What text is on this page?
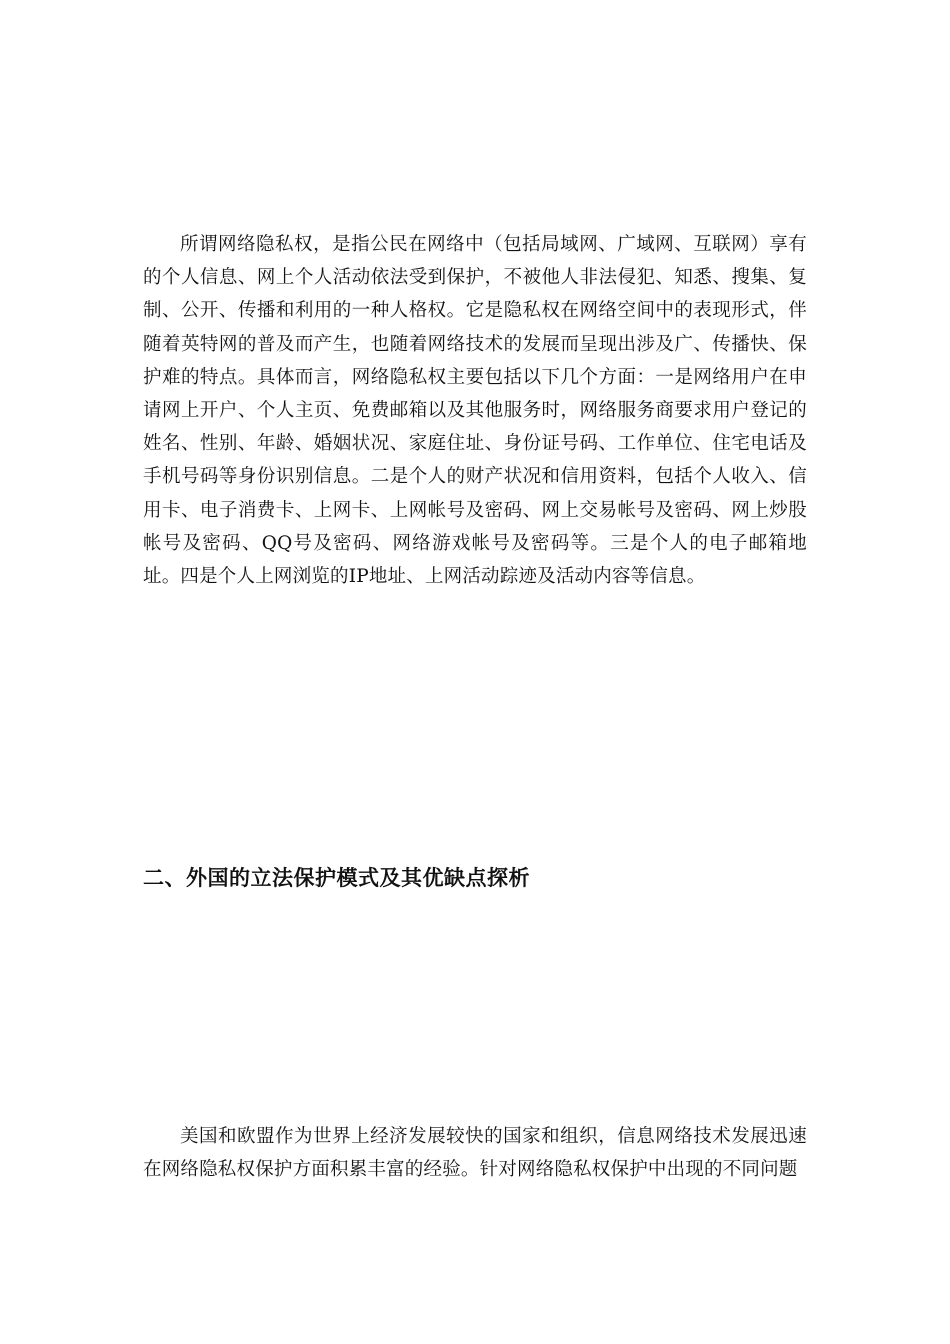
所谓网络隐私权，是指公民在网络中（包括局域网、广域网、互联网）享有的个人信息、网上个人活动依法受到保护，不被他人非法侵犯、知悉、搜集、复制、公开、传播和利用的一种人格权。它是隐私权在网络空间中的表现形式，伴随着英特网的普及而产生，也随着网络技术的发展而呈现出涉及广、传播快、保护难的特点。具体而言，网络隐私权主要包括以下几个方面：一是网络用户在申请网上开户、个人主页、免费邮箱以及其他服务时，网络服务商要求用户登记的姓名、性别、年龄、婚姻状况、家庭住址、身份证号码、工作单位、住宅电话及手机号码等身份识别信息。二是个人的财产状况和信用资料，包括个人收入、信用卡、电子消费卡、上网卡、上网帐号及密码、网上交易帐号及密码、网上炒股帐号及密码、QQ号及密码、网络游戏帐号及密码等。三是个人的电子邮箱地址。四是个人上网浏览的IP地址、上网活动踪迹及活动内容等信息。

二、外国的立法保护模式及其优缺点探析

美国和欧盟作为世界上经济发展较快的国家和组织，信息网络技术发展迅速在网络隐私权保护方面积累丰富的经验。针对网络隐私权保护中出现的不同问题
